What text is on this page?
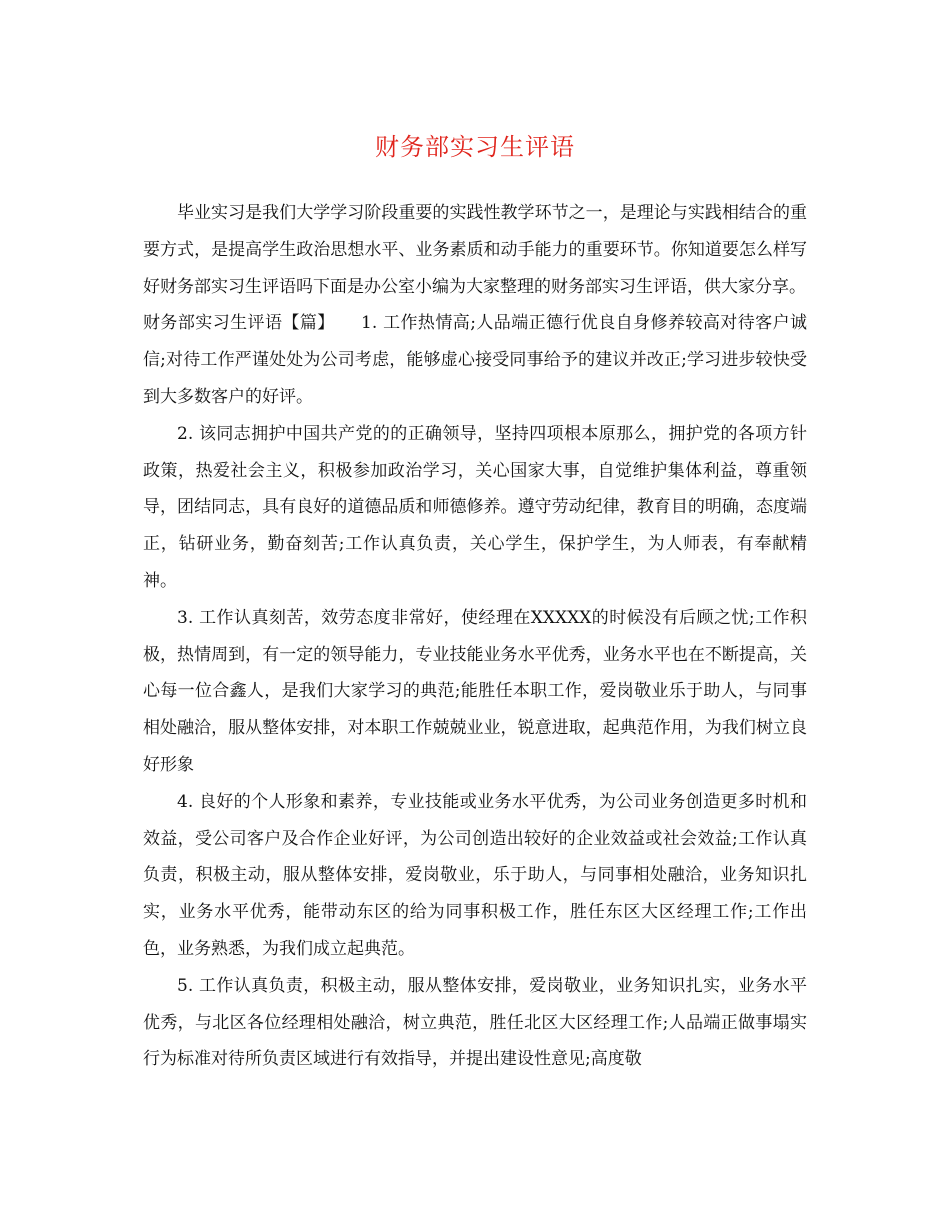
财务部实习生评语

毕业实习是我们大学学习阶段重要的实践性教学环节之一，是理论与实践相结合的重要方式，是提高学生政治思想水平、业务素质和动手能力的重要环节。你知道要怎么样写好财务部实习生评语吗下面是办公室小编为大家整理的财务部实习生评语，供大家分享。

财务部实习生评语【篇】　　1. 工作热情高;人品端正德行优良自身修养较高对待客户诚信;对待工作严谨处处为公司考虑，能够虚心接受同事给予的建议并改正;学习进步较快受到大多数客户的好评。

2. 该同志拥护中国共产党的的正确领导，坚持四项根本原那么，拥护党的各项方针政策，热爱社会主义，积极参加政治学习，关心国家大事，自觉维护集体利益，尊重领导，团结同志，具有良好的道德品质和师德修养。遵守劳动纪律，教育目的明确，态度端正，钻研业务，勤奋刻苦;工作认真负责，关心学生，保护学生，为人师表，有奉献精神。

3. 工作认真刻苦，效劳态度非常好，使经理在XXXXX的时候没有后顾之忧;工作积极，热情周到，有一定的领导能力，专业技能业务水平优秀，业务水平也在不断提高，关心每一位合鑫人，是我们大家学习的典范;能胜任本职工作，爱岗敬业乐于助人，与同事相处融洽，服从整体安排，对本职工作兢兢业业，锐意进取，起典范作用，为我们树立良好形象

4. 良好的个人形象和素养，专业技能或业务水平优秀，为公司业务创造更多时机和效益，受公司客户及合作企业好评，为公司创造出较好的企业效益或社会效益;工作认真负责，积极主动，服从整体安排，爱岗敬业，乐于助人，与同事相处融洽，业务知识扎实，业务水平优秀，能带动东区的给为同事积极工作，胜任东区大区经理工作;工作出色，业务熟悉，为我们成立起典范。

5. 工作认真负责，积极主动，服从整体安排，爱岗敬业，业务知识扎实，业务水平优秀，与北区各位经理相处融洽，树立典范，胜任北区大区经理工作;人品端正做事塌实行为标准对待所负责区域进行有效指导，并提出建设性意见;高度敬
